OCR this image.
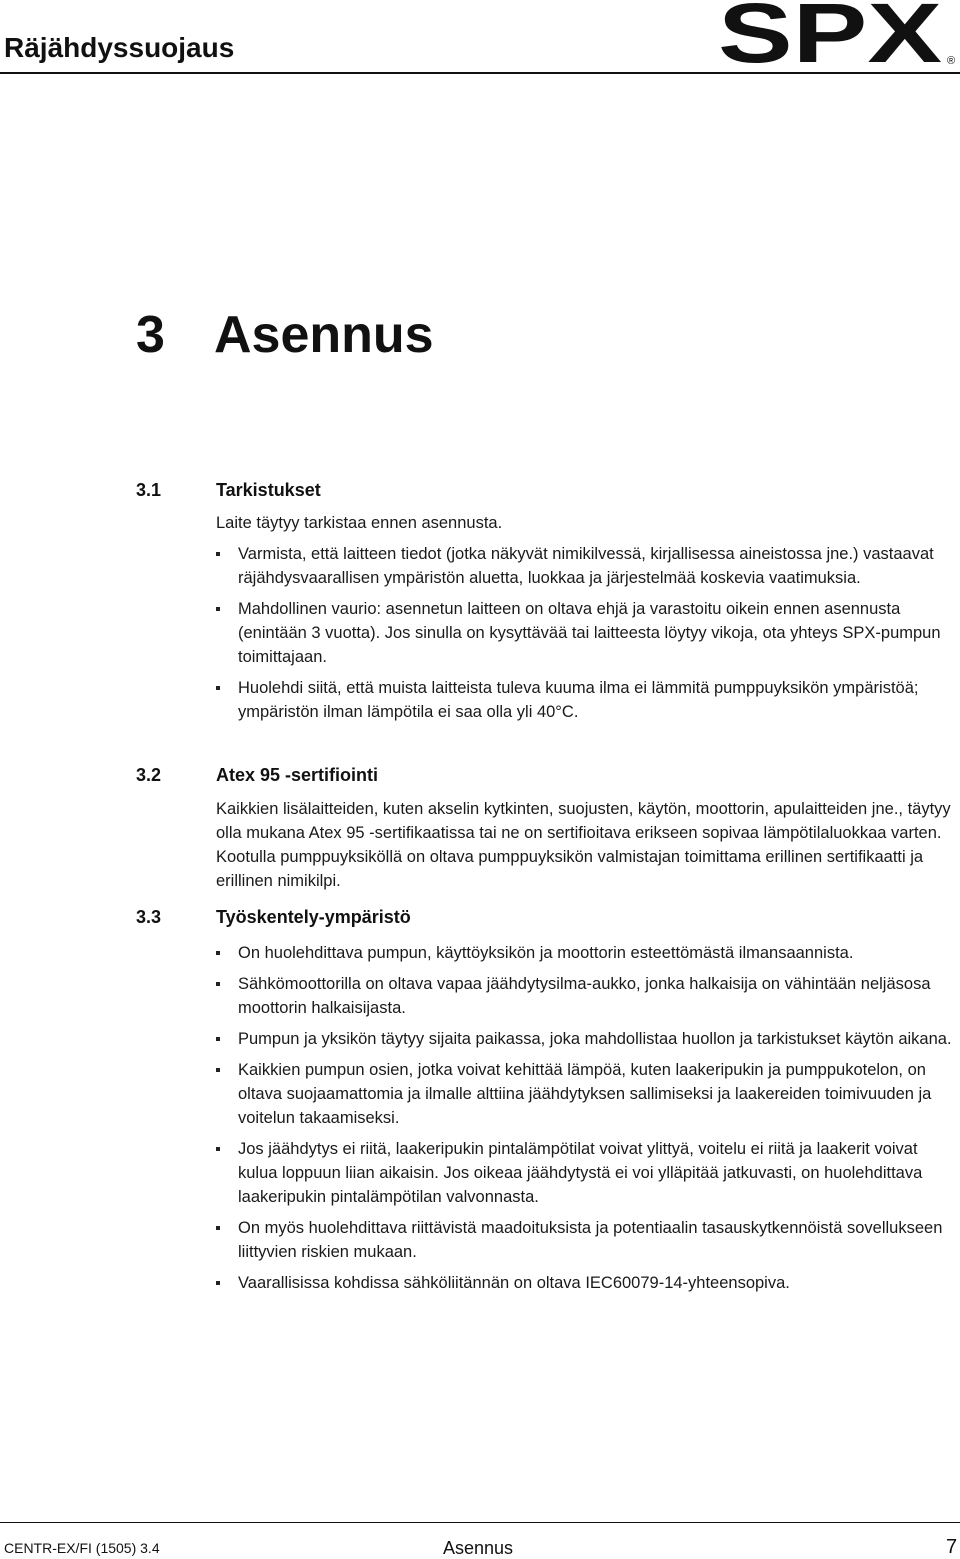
Räjähdyssuojaus	SPX ®
3 Asennus
3.1	Tarkistukset
Laite täytyy tarkistaa ennen asennusta.
Varmista, että laitteen tiedot (jotka näkyvät nimikilvessä, kirjallisessa aineistossa jne.) vastaavat räjähdysvaarallisen ympäristön aluetta, luokkaa ja järjestelmää koskevia vaatimuksia.
Mahdollinen vaurio: asennetun laitteen on oltava ehjä ja varastoitu oikein ennen asennusta (enintään 3 vuotta). Jos sinulla on kysyttävää tai laitteesta löytyy vikoja, ota yhteys SPX-pumpun toimittajaan.
Huolehdi siitä, että muista laitteista tuleva kuuma ilma ei lämmitä pumppuyksikön ympäristöä; ympäristön ilman lämpötila ei saa olla yli 40°C.
3.2	Atex 95 -sertifiointi
Kaikkien lisälaitteiden, kuten akselin kytkinten, suojusten, käytön, moottorin, apulaitteiden jne., täytyy olla mukana Atex 95 -sertifikaatissa tai ne on sertifioitava erikseen sopivaa lämpötilaluokkaa varten. Kootulla pumppuyksiköllä on oltava pumppuyksikön valmistajan toimittama erillinen sertifikaatti ja erillinen nimikilpi.
3.3	Työskentely-ympäristö
On huolehdittava pumpun, käyttöyksikön ja moottorin esteettömästä ilmansaannista.
Sähkömoottorilla on oltava vapaa jäähdytysilma-aukko, jonka halkaisija on vähintään neljäsosa moottorin halkaisijasta.
Pumpun ja yksikön täytyy sijaita paikassa, joka mahdollistaa huollon ja tarkistukset käytön aikana.
Kaikkien pumpun osien, jotka voivat kehittää lämpöä, kuten laakeripukin ja pumppukotelon, on oltava suojaamattomia ja ilmalle alttiina jäähdytyksen sallimiseksi ja laakereiden toimivuuden ja voitelun takaamiseksi.
Jos jäähdytys ei riitä, laakeripukin pintalämpötilat voivat ylittyä, voitelu ei riitä ja laakerit voivat kulua loppuun liian aikaisin. Jos oikeaa jäähdytystä ei voi ylläpitää jatkuvasti, on huolehdittava laakeripukin pintalämpötilan valvonnasta.
On myös huolehdittava riittävistä maadoituksista ja potentiaalin tasauskytkennöistä sovellukseen liittyvien riskien mukaan.
Vaarallisissa kohdissa sähköliitännän on oltava IEC60079-14-yhteensopiva.
CENTR-EX/FI (1505) 3.4	Asennus	7
